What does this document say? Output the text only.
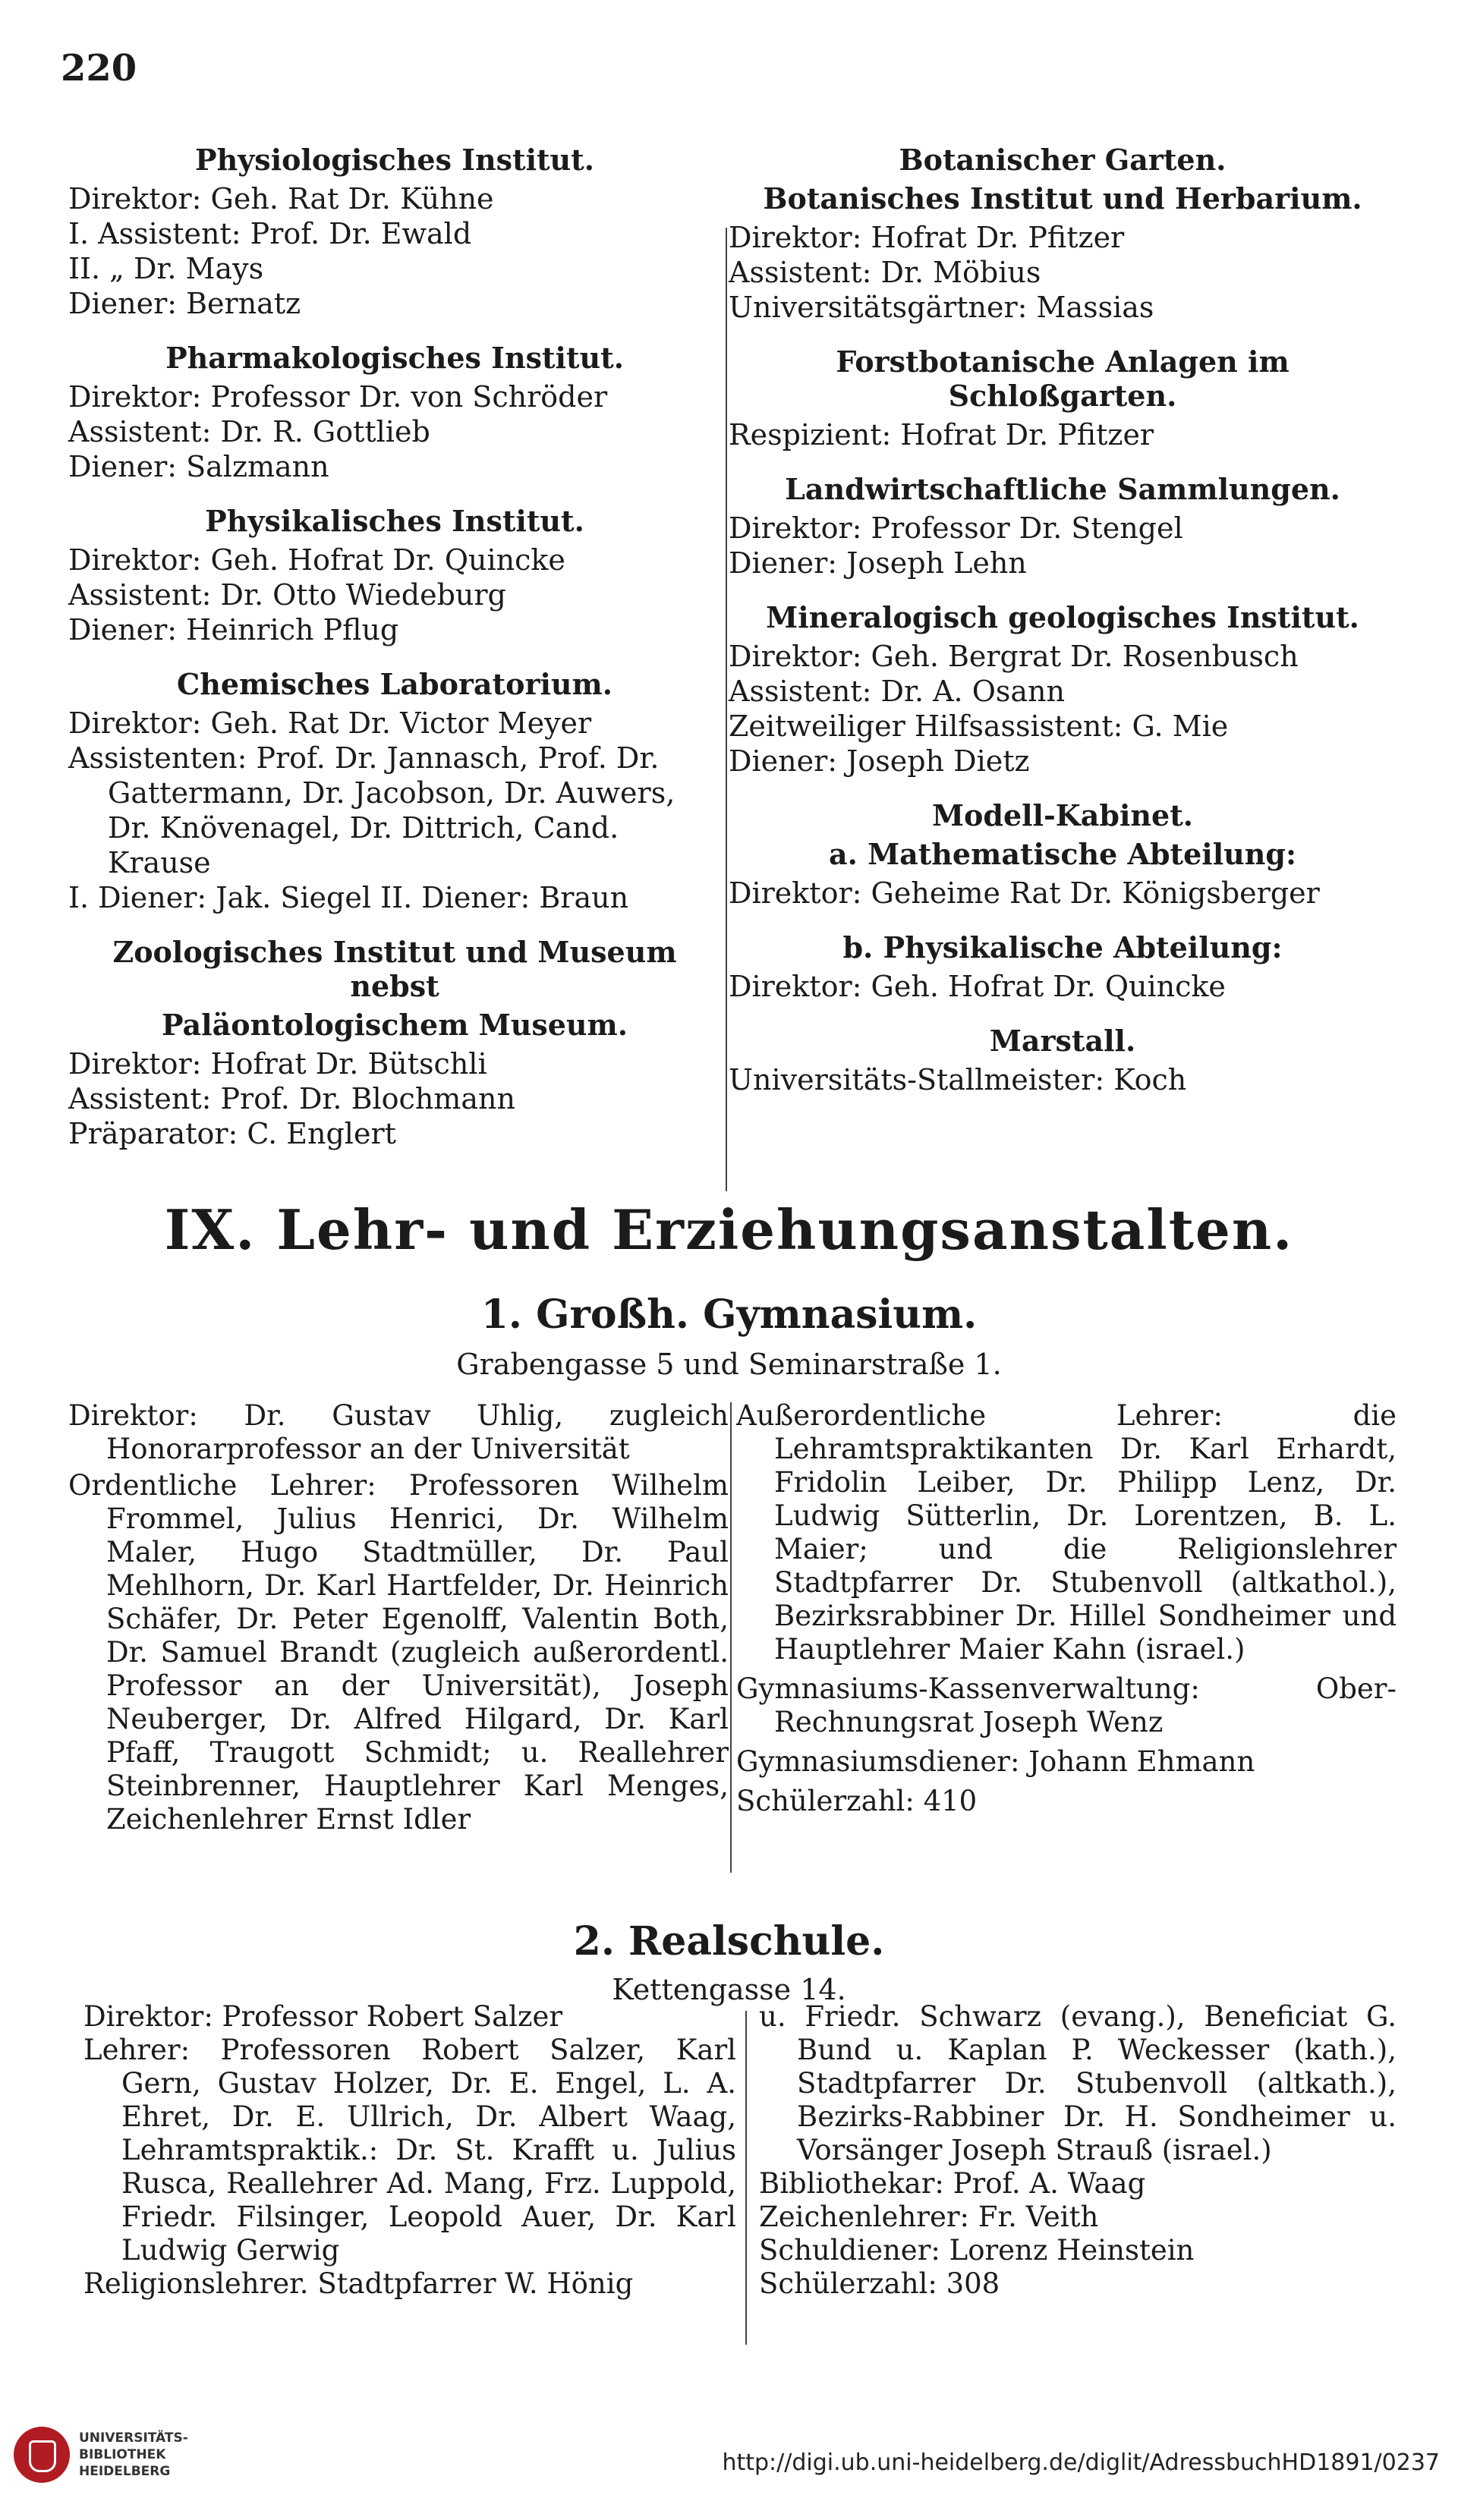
220
Physiologisches Institut.
Direktor: Geh. Rat Dr. Kühne
I. Assistent: Prof. Dr. Ewald
II. „ Dr. Mays
Diener: Bernatz
Pharmakologisches Institut.
Direktor: Professor Dr. von Schröder
Assistent: Dr. R. Gottlieb
Diener: Salzmann
Physikalisches Institut.
Direktor: Geh. Hofrat Dr. Quincke
Assistent: Dr. Otto Wiedeburg
Diener: Heinrich Pflug
Chemisches Laboratorium.
Direktor: Geh. Rat Dr. Victor Meyer
Assistenten: Prof. Dr. Jannasch, Prof. Dr.
Gattermann, Dr. Jacobson, Dr. Auwers,
Dr. Knövenagel, Dr. Dittrich, Cand.
Krause
I. Diener: Jak. Siegel II. Diener: Braun
Zoologisches Institut und Museum nebst
Paläontologischem Museum.
Direktor: Hofrat Dr. Bütschli
Assistent: Prof. Dr. Blochmann
Präparator: C. Englert
Botanischer Garten.
Botanisches Institut und Herbarium.
Direktor: Hofrat Dr. Pfitzer
Assistent: Dr. Möbius
Universitätsgärtner: Massias
Forstbotanische Anlagen im Schloßgarten.
Respizient: Hofrat Dr. Pfitzer
Landwirtschaftliche Sammlungen.
Direktor: Professor Dr. Stengel
Diener: Joseph Lehn
Mineralogisch geologisches Institut.
Direktor: Geh. Bergrat Dr. Rosenbusch
Assistent: Dr. A. Osann
Zeitweiliger Hilfsassistent: G. Mie
Diener: Joseph Dietz
Modell-Kabinet.
a. Mathematische Abteilung:
Direktor: Geheime Rat Dr. Königsberger
b. Physikalische Abteilung:
Direktor: Geh. Hofrat Dr. Quincke
Marstall.
Universitäts-Stallmeister: Koch
IX. Lehr- und Erziehungsanstalten.
1. Großh. Gymnasium.
Grabengasse 5 und Seminarstraße 1.

Direktor: Dr. Gustav Uhlig, zugleich Honorarprofessor an der Universität

Ordentliche Lehrer: Professoren Wilhelm Frommel, Julius Henrici, Dr. Wilhelm Maler, Hugo Stadtmüller, Dr. Paul Mehlhorn, Dr. Karl Hartfelder, Dr. Heinrich Schäfer, Dr. Peter Egenolff, Valentin Both, Dr. Samuel Brandt (zugleich außerordentl. Professor an der Universität), Joseph Neuberger, Dr. Alfred Hilgard, Dr. Karl Pfaff, Traugott Schmidt; u. Reallehrer Steinbrenner, Hauptlehrer Karl Menges, Zeichenlehrer Ernst Idler

Außerordentliche Lehrer: die Lehramtspraktikanten Dr. Karl Erhardt, Fridolin Leiber, Dr. Philipp Lenz, Dr. Ludwig Sütterlin, Dr. Lorentzen, B. L. Maier; und die Religionslehrer Stadtpfarrer Dr. Stubenvoll (altkathol.), Bezirksrabbiner Dr. Hillel Sondheimer und Hauptlehrer Maier Kahn (israel.)

Gymnasiums-Kassenverwaltung: Ober-Rechnungsrat Joseph Wenz

Gymnasiumsdiener: Johann Ehmann

Schülerzahl: 410

2. Realschule.
Kettengasse 14.

Direktor: Professor Robert Salzer

Lehrer: Professoren Robert Salzer, Karl Gern, Gustav Holzer, Dr. E. Engel, L. A. Ehret, Dr. E. Ullrich, Dr. Albert Waag, Lehramtspraktik.: Dr. St. Krafft u. Julius Rusca, Reallehrer Ad. Mang, Frz. Luppold, Friedr. Filsinger, Leopold Auer, Dr. Karl Ludwig Gerwig

Religionslehrer. Stadtpfarrer W. Hönig

u. Friedr. Schwarz (evang.), Beneficiat G. Bund u. Kaplan P. Weckesser (kath.), Stadtpfarrer Dr. Stubenvoll (altkath.), Bezirks-Rabbiner Dr. H. Sondheimer u. Vorsänger Joseph Strauß (israel.)

Bibliothekar: Prof. A. Waag

Zeichenlehrer: Fr. Veith

Schuldiener: Lorenz Heinstein

Schülerzahl: 308

UNIVERSITÄTS-
BIBLIOTHEK
HEIDELBERG	http://digi.ub.uni-heidelberg.de/diglit/AdressbuchHD1891/0237
